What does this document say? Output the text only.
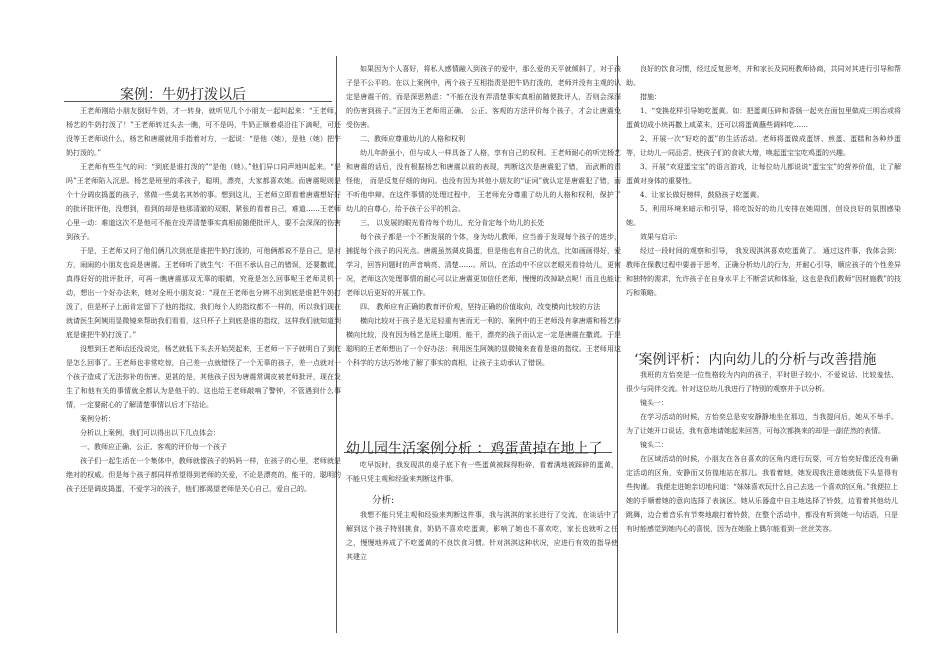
案例：牛奶打泼以后

王老师刚给小朋友倒好牛奶，才一转身，就听见几个小朋友一起叫起来：“王老师，杨艺的牛奶打泼了！”王老师转过头去一瞧，可不是吗，牛奶正顺着桌沿往下滴呢，可还没等王老师说什么，杨艺和唐震就用手指着对方，一起说：“是他（她），是他（她）把牛奶打泼的。”

王老师有些生气的问：“到底是谁打泼的”“是他（她）。”他们异口同声地叫起来。“是吗”王老师陷入沉思。杨艺是班里的乖孩子，聪明，漂亮，大家都喜欢她。而唐震呢则是个十分调皮捣蛋的孩子，常做一些莫名其妙的事。想到这儿，王老师立即看着唐震想好好的批评批评他，没想到，看到的却是他那清澈的双眼，紧张的看着自己，难道……王老师心里一动：难道这次不是他可不能在没弄清楚事实真相前随便批评人，要不会深深的伤害到孩子。

于是，王老师又问了他们俩几次到底是谁把牛奶打泼的，可他俩都说不是自己，是对方，闹闹的小朋友也说是唐震。王老师听了就生气：不但不承认自己的错误，还要撒谎，真得好好的批评批评，可再一瞧唐震那双无辜的眼睛，究竟是怎么回事呢王老师灵机一动，想出一个好办法来，她对全班小朋友说：“现在王老师也分辨不出到底是谁把牛奶打泼了，但是杯子上面肯定留下了他的指纹，我们每个人的指纹都不一样的，所以我们现在就请医生阿姨用显微镜来帮助我们看看，这只杯子上到底是谁的指纹，这样我们就知道到底是谁把牛奶打泼了。”

没想到王老师话还没说完，杨艺就低下头去开始哭起来，王老师一下子就明白了到底是怎么回事了。王老师也非常吃惊，自己差一点就错怪了一个无辜的孩子，差一点就对一个孩子造成了无法弥补的伤害。更甚的是，其他孩子因为唐震常调皮被老师批评，现在发生了和他有关的事情就全都认为是他干的。这也给王老师敲响了警钟，不管遇到什么事情，一定要耐心的了解清楚事情以后才下结论。

案例分析：

分析以上案例，我们可以得出以下几点体会：

一、教师应正确、公正、客观的评价每一个孩子

孩子们一起生活在一个集体中，教师就像孩子的妈妈一样，在孩子的心里，老师就是绝对的权威。但是每个孩子都同样希望得到老师的关爱，不论是漂亮的，能干的，聪明的孩子还是调皮捣蛋，不爱学习的孩子，他们都渴望老师是关心自己，爱自己的。

如果因为个人喜好，将私人感情融入到孩子的爱中，那么爱的天平就倾斜了，对于孩子是不公平的。在以上案例中，两个孩子互相指责是把牛奶打泼的，老师并没有主观的认定是唐震干的，而是深思熟虑：“不能在没有弄清楚事实真相前随便批评人，否则会深深的伤害到孩子。”正因为王老师用正确、 公正、客观的方法评价每个孩子，才会让唐震免受伤害。

二、教师应尊重幼儿的人格和权利

幼儿年龄虽小，但与成人一样具备了人格，享有自己的权利。王老师耐心的听完杨艺和唐震的话后，没有根据杨艺和唐震以前的表现，判断这次是唐震犯了错， 而武断的责怪他， 而是反复仔细的询问。也没有因为其他小朋友的“证词”就认定是唐震犯了错，而不听他申辩。在这件事情的处理过程中， 王老师充分尊重了幼儿的人格和权利，保护了幼儿的自尊心，给予孩子公平的机会。

三、 以发展的眼光看待每个幼儿，充分肯定每个幼儿的长处

每个孩子都是一个不断发展的个体，身为幼儿教师，应当善于发现每个孩子的进步，捕捉每个孩子的闪光点。唐震虽然调皮捣蛋，但是他也有自己的优点，比如画画得好，爱学习，回答问题时的声音响亮、清楚……。所以，在活动中不应以老眼光看待幼儿，更何况，老师这次处理事情的耐心可以让唐震更加信任老师，慢慢的改掉缺点呢！而且也能让老师以后更好的开展工作。

四、 教师应有正确的教育评价观，坚持正确的价值取向，改变横向比较的方法

横向比较对于孩子是无足轻重有害而无一利的，案例中的王老师没有拿唐震和杨艺作横向比较，没有因为杨艺是班上聪明，能干，漂亮的孩子而认定一定是唐震在撒谎。于是聪明的王老师想出了一个好办法：利用医生阿姨的显微镜来查看是谁的指纹。王老师用这个科学的方法巧妙地了解了事实的真相，让孩子主动承认了错误。

幼儿园生活案例分析 ：鸡蛋黄掉在地上了

吃早饭时，我发现洪的桌子底下有一些蛋黄被踩得粉碎，看着满地被踩碎的蛋黄，不能只凭主观和经验来判断这件事。

分析:

我想不能只凭主观和经验来判断这件事，我与淇淇的家长进行了交流，在谈话中了解到这个孩子特别挑食，奶奶不喜欢吃蛋黄，影响了她也不喜欢吃，家长也就听之任之，慢慢地养成了不吃蛋黄的不良饮食习惯。针对淇淇这种状况，应进行有效的指导使其建立

良好的饮食习惯，经过反复思考，并和家长及同班教师协商，共同对其进行引导和帮助。

措施：

1、“变换花样引导她吃蛋黄。如：把蛋黄压碎和香肠一起夹在面包里做成三明治或将蛋黄切成小块再撒上咸菜末，还可以将蛋黄蘸些调料吃……

2、开展一次“好吃的蛋”的生活活动。老师将蛋做成蛋饼、煎蛋、蛋糕和各种炒蛋等，让幼儿一同品尝，使孩子们的食欲大增，唤起蛋宝宝吃鸡蛋的兴趣。

3、开展“欢迎蛋宝宝”的语言游戏，让每位幼儿都说说“蛋宝宝”的营养价值，让了解蛋黄对身体的重要性。

4、让家长做好榜样，鼓励孩子吃蛋黄。

5、利用环境来暗示和引导，将吃饭好的幼儿安排在她周围，创设良好的氛围感染她。

效果与启示:

经过一段时间的观察和引导， 我发现淇淇喜欢吃蛋黄了。 通过这件事，我体会到：教师在保教过程中要善于思考，正确分析幼儿的行为，并耐心引导，顺应孩子的个性差异和独特的需求，允许孩子在自身水平上不断尝试和体验，这也是我们教师“因材施教”的技巧和策略。

‘案例评析：内向幼儿的分析与改善措施

我班的方怡奕是一位性格较为内向的孩子，平时胆子较小、不爱说话、比较羞怯、很少与同伴交流。针对这位幼儿我进行了特别的观察并予以分析。

镜头一：

在学习活动的时候，方怡奕总是安安静静地坐在那边，当我提问后，她从不举手。为了让她开口说话，我有意地请她起来回答，可每次都换来的却是一副茫然的表情。

镜头二：

在区域活动的时候，小朋友在各自喜欢的区角内进行玩耍，可方怡奕好像还没有确定活动的区角，安静而又仿徨地站在那儿。我看着她，她发现我注意她就低下头显得有些拘谨。 我便走进她亲切地问道：“妹妹喜欢玩什么自己去选一个喜欢的区角。”我便拉上她的手顺着她的意向选择了表演区。她从乐器盒中自主地选择了铃鼓，边看着其他幼儿跳舞，边合着音乐有节奏地敲打着铃鼓，在整个活动中，都没有听到她一句话语，只是有时能感觉到她内心的喜悦，因为在她脸上偶尔能看到一丝丝笑容。
